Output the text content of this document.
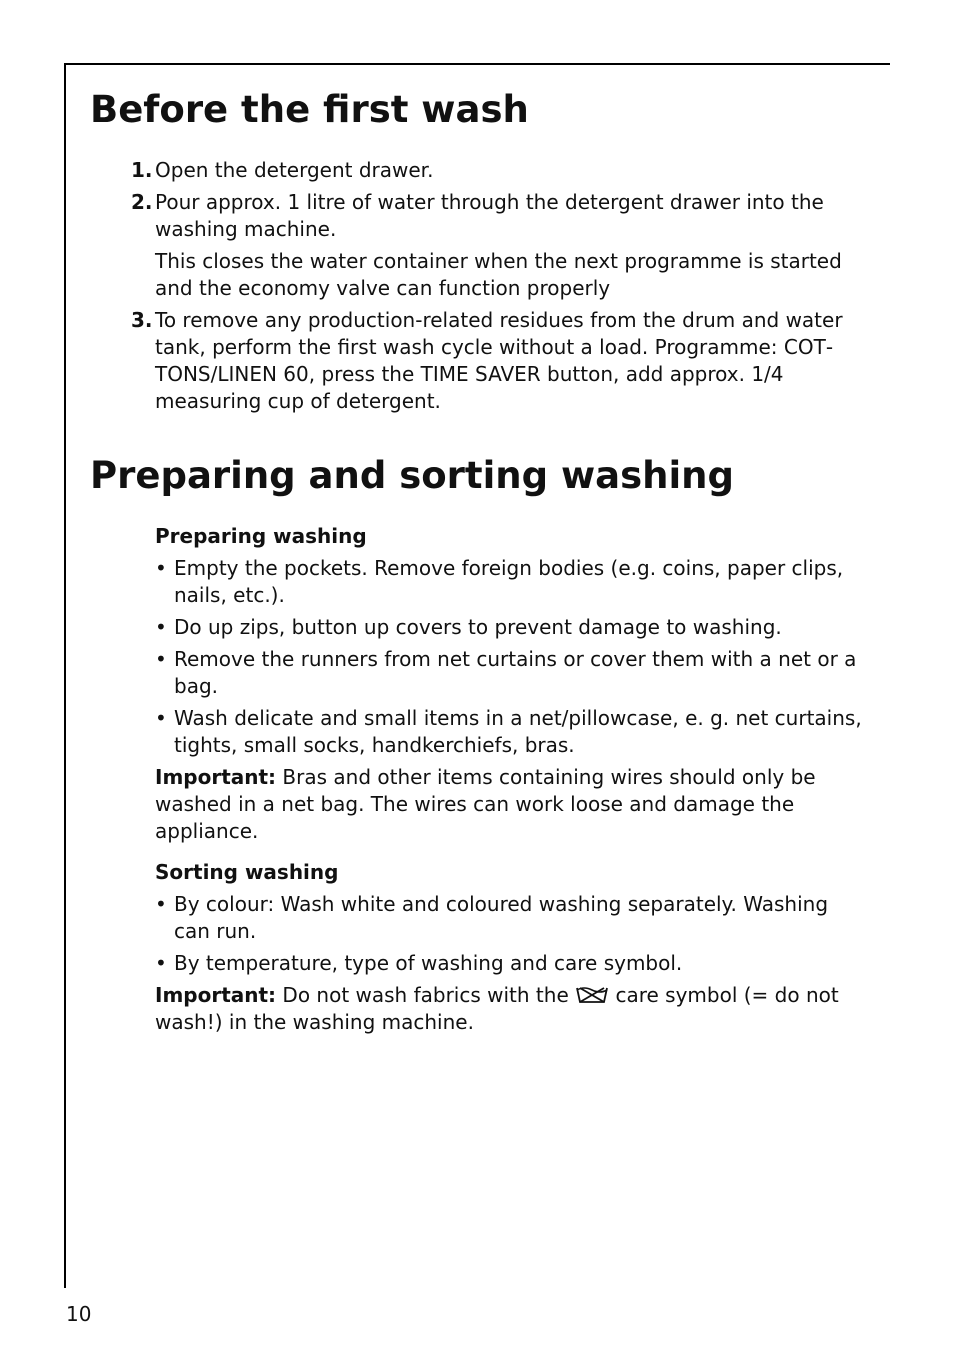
Before the first wash
1. Open the detergent drawer.

2. Pour approx. 1 litre of water through the detergent drawer into the washing machine.

This closes the water container when the next programme is started and the economy valve can function properly

3. To remove any production-related residues from the drum and water tank, perform the first wash cycle without a load. Programme: COTTONS/LINEN 60, press the TIME SAVER button, add approx. 1/4 measuring cup of detergent.

Preparing and sorting washing

Preparing washing

• Empty the pockets. Remove foreign bodies (e.g. coins, paper clips, nails, etc.).

• Do up zips, button up covers to prevent damage to washing.

• Remove the runners from net curtains or cover them with a net or a bag.

• Wash delicate and small items in a net/pillowcase, e. g. net curtains, tights, small socks, handkerchiefs, bras.

Important: Bras and other items containing wires should only be washed in a net bag. The wires can work loose and damage the appliance.

Sorting washing

• By colour: Wash white and coloured washing separately. Washing can run.

• By temperature, type of washing and care symbol.

Important: Do not wash fabrics with the  care symbol (= do not wash!) in the washing machine.

10
